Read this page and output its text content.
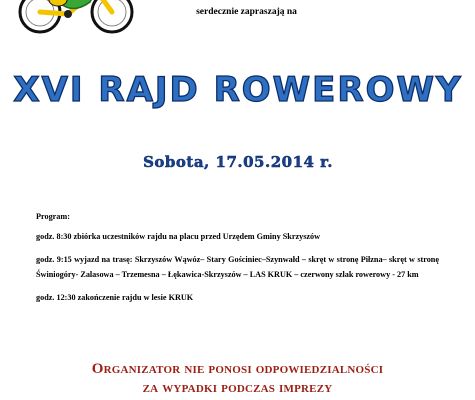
serdecznie zapraszają na
XVI RAJD ROWEROWY
Sobota, 17.05.2014 r.

Program:

godz. 8:30 zbiórka uczestników rajdu na placu przed Urzędem Gminy Skrzyszów

godz. 9:15 wyjazd na trasę: Skrzyszów Wąwóz– Stary Gościniec–Szynwałd – skręt w stronę Piłzna– skręt w stronę Świniogóry- Zalasowa – Trzemesna – Łękawica-Skrzyszów – LAS KRUK – czerwony szlak rowerowy - 27 km

godz. 12:30 zakończenie rajdu w lesie KRUK

Organizator nie ponosi odpowiedzialności
za wypadki podczas imprezy
